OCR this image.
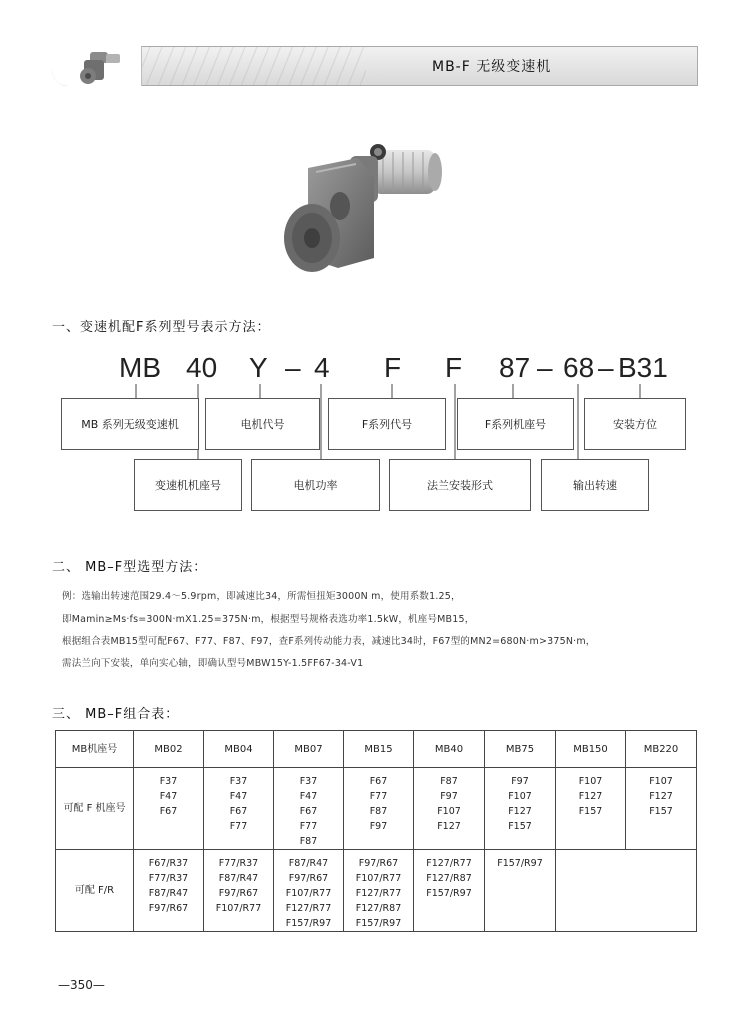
MB-F 无级变速机
一、变速机配F系列型号表示方法：
MB 40 Y – 4 F F 87 – 68 – B31
MB 系列无级变速机	电机代号	F系列代号	F系列机座号	安装方位
变速机机座号	电机功率	法兰安装形式	输出转速
二、 MB–F型选型方法：
例：选输出转速范围29.4～5.9rpm，即减速比34，所需恒扭矩3000N m，使用系数1.25，
即Mamin≥Ms·fs=300N·mX1.25=375N·m，根据型号规格表选功率1.5kW，机座号MB15，
根据组合表MB15型可配F67、F77、F87、F97，查F系列传动能力表，减速比34时，F67型的MN2=680N·m>375N·m，
需法兰向下安装，单向实心轴，即确认型号MBW15Y-1.5FF67-34-V1
三、 MB–F组合表：
MB机座号	MB02	MB04	MB07	MB15	MB40	MB75	MB150	MB220
可配 F 机座号	F37
F47
F67	F37
F47
F67
F77	F37
F47
F67
F77
F87	F67
F77
F87
F97	F87
F97
F107
F127	F97
F107
F127
F157	F107
F127
F157	F107
F127
F157

可配 F/R	F67/R37
F77/R37
F87/R47
F97/R67	F77/R37
F87/R47
F97/R67
F107/R77	F87/R47
F97/R67
F107/R77
F127/R77
F157/R97	F97/R67
F107/R77
F127/R77
F127/R87
F157/R97	F127/R77
F127/R87
F157/R97	F157/R97		

—350—
